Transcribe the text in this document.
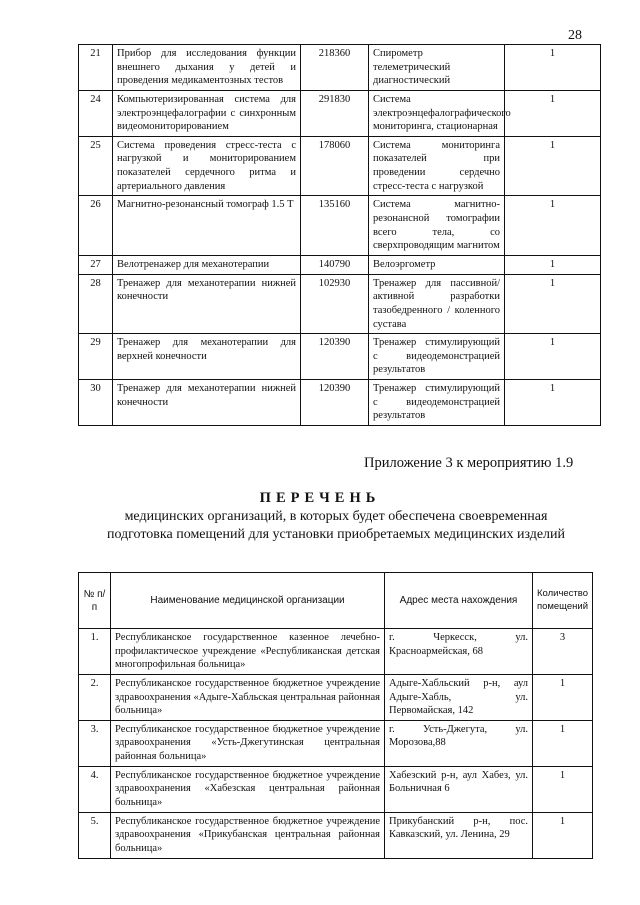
28
21	Прибор для исследования функции внешнего дыхания у детей и проведения медикаментозных тестов	218360	Спирометр телеметрический диагностический	1
24	Компьютеризированная система для электроэнцефалографии с синхронным видеомониторированием	291830	Система электроэнцефалографического мониторинга, стационарная	1
25	Система проведения стресс-теста с нагрузкой и мониторированием показателей сердечного ритма и артериального давления	178060	Система мониторинга показателей при проведении сердечно стресс-теста с нагрузкой	1
26	Магнитно-резонансный томограф 1.5 Т	135160	Система магнитно-резонансной томографии всего тела, со сверхпроводящим магнитом	1
27	Велотренажер для механотерапии	140790	Велоэргометр	1
28	Тренажер для механотерапии нижней конечности	102930	Тренажер для пассивной/активной разработки тазобедренного / коленного сустава	1
29	Тренажер для механотерапии для верхней конечности	120390	Тренажер стимулирующий с видеодемонстрацией результатов	1
30	Тренажер для механотерапии нижней конечности	120390	Тренажер стимулирующий с видеодемонстрацией результатов	1
Приложение 3 к мероприятию 1.9
ПЕРЕЧЕНЬ
медицинских организаций, в которых будет обеспечена своевременная подготовка помещений для установки приобретаемых медицинских изделий
№ п/п	Наименование медицинской организации	Адрес места нахождения	Количество помещений
1.	Республиканское государственное казенное лечебно-профилактическое учреждение «Республиканская детская многопрофильная больница»	г. Черкесск, ул. Красноармейская, 68	3
2.	Республиканское государственное бюджетное учреждение здравоохранения «Адыге-Хабльская центральная районная больница»	Адыге-Хабльский р-н, аул Адыге-Хабль, ул. Первомайская, 142	1
3.	Республиканское государственное бюджетное учреждение здравоохранения «Усть-Джегутинская центральная районная больница»	г. Усть-Джегута, ул. Морозова,88	1
4.	Республиканское государственное бюджетное учреждение здравоохранения «Хабезская центральная районная больница»	Хабезский р-н, аул Хабез, ул. Больничная 6	1
5.	Республиканское государственное бюджетное учреждение здравоохранения «Прикубанская центральная районная больница»	Прикубанский р-н, пос. Кавказский, ул. Ленина, 29	1
